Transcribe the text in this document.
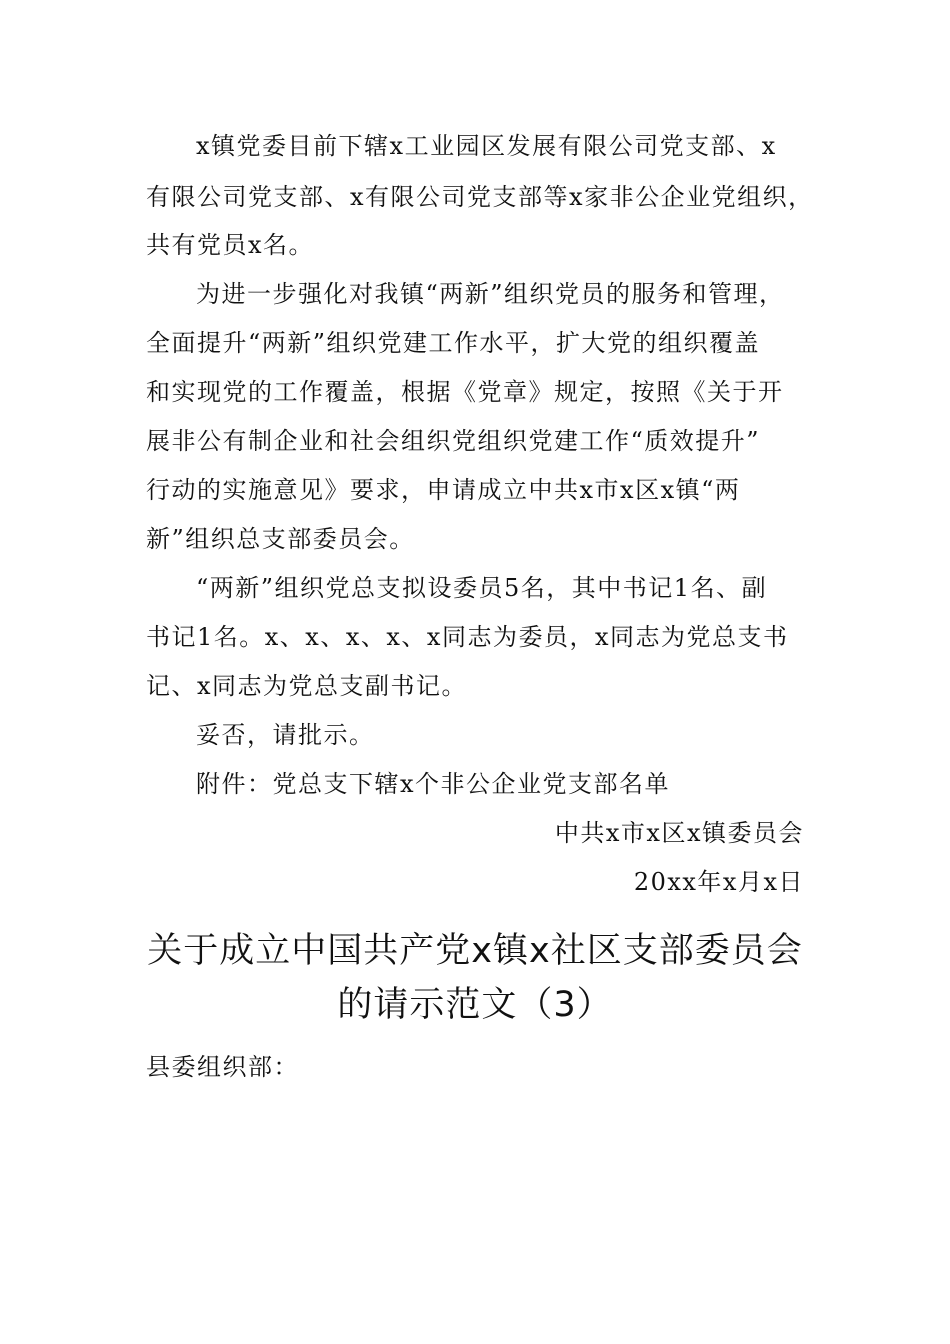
x镇党委目前下辖x工业园区发展有限公司党支部、x
有限公司党支部、x有限公司党支部等x家非公企业党组织，
共有党员x名。
为进一步强化对我镇“两新”组织党员的服务和管理，
全面提升“两新”组织党建工作水平，扩大党的组织覆盖
和实现党的工作覆盖，根据《党章》规定，按照《关于开
展非公有制企业和社会组织党组织党建工作“质效提升”
行动的实施意见》要求，申请成立中共x市x区x镇“两
新”组织总支部委员会。
“两新”组织党总支拟设委员5名，其中书记1名、副
书记1名。x、x、x、x、x同志为委员，x同志为党总支书
记、x同志为党总支副书记。
妥否，请批示。
附件：党总支下辖x个非公企业党支部名单
中共x市x区x镇委员会
20xx年x月x日
关于成立中国共产党x镇x社区支部委员会
的请示范文（3）
县委组织部：
